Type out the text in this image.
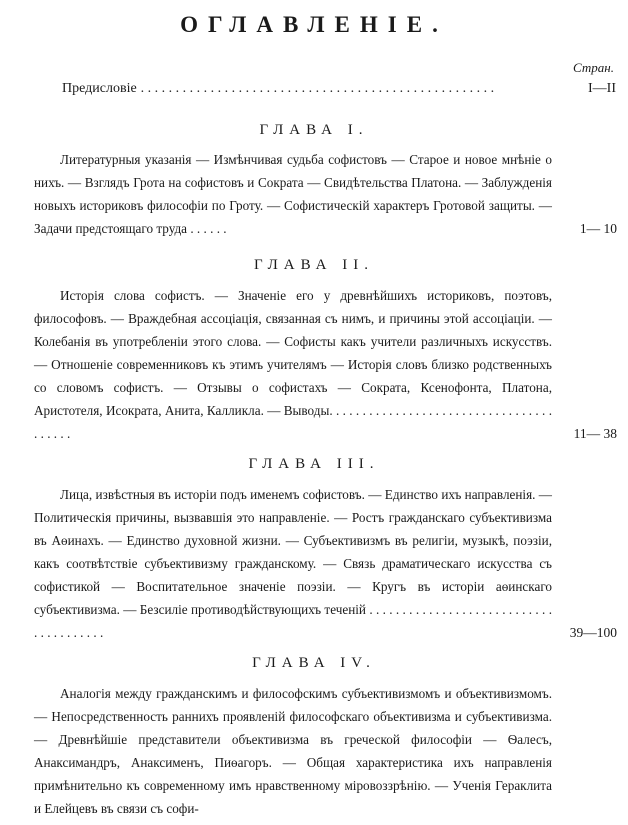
ОГЛАВЛЕНІЕ.
Стран.
Предисловіе . . . . . . . . . . . . . . . . . . . . . . . . . . . . . . . . . . . . . . . . . . . . . . . . . . .	I—II
ГЛАВА I.
Литературныя указанія — Измѣнчивая судьба софистовъ — Старое и новое мнѣніе о нихъ. — Взглядъ Грота на софистовъ и Сократа — Свидѣтельства Платона. — Заблужденія новыхъ историковъ философіи по Гроту. — Софистическій характеръ Гротовой защиты. — Задачи предстоящаго труда . . . . . .	1— 10
ГЛАВА II.
Исторія слова софистъ. — Значеніе его у древнѣйшихъ историковъ, поэтовъ, философовъ. — Враждебная ассоціація, связанная съ нимъ, и причины этой ассоціаціи. — Колебанія въ употребленіи этого слова. — Софисты какъ учители различныхъ искусствъ. — Отношеніе современниковъ къ этимъ учителямъ — Исторія словъ близко родственныхъ со словомъ софистъ. — Отзывы о софистахъ — Сократа, Ксенофонта, Платона, Аристотеля, Исократа, Анита, Калликла. — Выводы. . . . . . . . . . . . . . . . . . . . . . . . . . . . . . . . . . . . . . . .	11— 38
ГЛАВА III.
Лица, извѣстныя въ исторіи подъ именемъ софистовъ. — Единство ихъ направленія. — Политическія причины, вызвавшія это направленіе. — Ростъ гражданскаго субъективизма въ Аѳинахъ. — Единство духовной жизни. — Субъективизмъ въ религіи, музыкѣ, поэзіи, какъ соотвѣтствіе субъективизму гражданскому. — Связь драматическаго искусства съ софистикой — Воспитательное значеніе поэзіи. — Кругъ въ исторіи аѳинскаго субъективизма. — Безсиліе противодѣйствующихъ теченій . . . . . . . . . . . . . . . . . . . . . . . . . . . . . . . . . . . . . . .	39—100
ГЛАВА IV.
Аналогія между гражданскимъ и философскимъ субъективизмомъ и объективизмомъ. — Непосредственность раннихъ проявленій философскаго объективизма и субъективизма. — Древнѣйшіе представители объективизма въ греческой философіи — Ѳалесъ, Анаксимандръ, Анаксименъ, Пиѳагоръ. — Общая характеристика ихъ направленія примѣнительно къ современному имъ нравственному міровоззрѣнію. — Ученія Гераклита и Елейцевъ въ связи съ софи-
